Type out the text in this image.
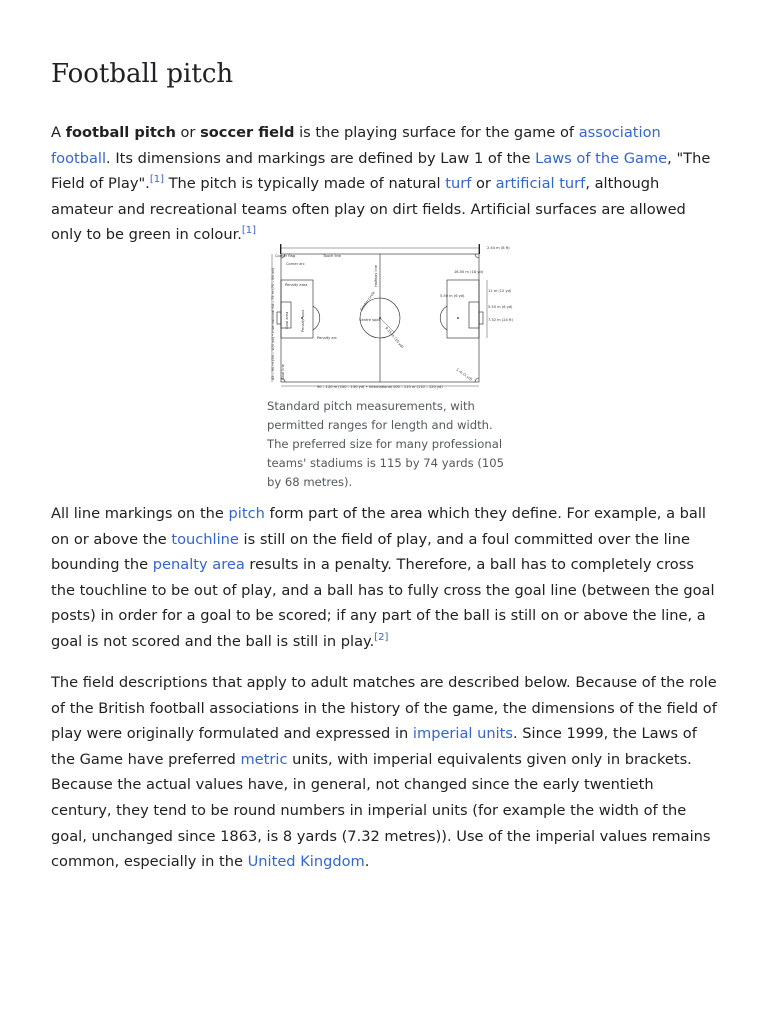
Football pitch

A football pitch or soccer field is the playing surface for the game of association football. Its dimensions and markings are defined by Law 1 of the Laws of the Game, "The Field of Play".[1] The pitch is typically made of natural turf or artificial turf, although amateur and recreational teams often play on dirt fields. Artificial surfaces are allowed only to be green in colour.[1]

Corner flag	Touch line
Corner arc
Penalty area	Halfway line
Goal area	Penalty spot
Penalty arc
Centre spot
Centre circle
Goal line
45 – 90 m (50 – 100 yd) • International 64 – 75 m (70 – 80 yd)
90 – 120 m (100 – 130 yd) • International 100 – 110 m (110 – 120 yd)
2.44 m (8 ft)
16.50 m (18 yd)
5.50 m (6 yd)
11 m (12 yd)
5.50 m (6 yd)
7.32 m (24 ft)
9.15 m (10 yd)
1 m (1 yd)

Standard pitch measurements, with permitted ranges for length and width. The preferred size for many professional teams' stadiums is 115 by 74 yards (105 by 68 metres).

All line markings on the pitch form part of the area which they define. For example, a ball on or above the touchline is still on the field of play, and a foul committed over the line bounding the penalty area results in a penalty. Therefore, a ball has to completely cross the touchline to be out of play, and a ball has to fully cross the goal line (between the goal posts) in order for a goal to be scored; if any part of the ball is still on or above the line, a goal is not scored and the ball is still in play.[2]

The field descriptions that apply to adult matches are described below. Because of the role of the British football associations in the history of the game, the dimensions of the field of play were originally formulated and expressed in imperial units. Since 1999, the Laws of the Game have preferred metric units, with imperial equivalents given only in brackets. Because the actual values have, in general, not changed since the early twentieth century, they tend to be round numbers in imperial units (for example the width of the goal, unchanged since 1863, is 8 yards (7.32 metres)). Use of the imperial values remains common, especially in the United Kingdom.
